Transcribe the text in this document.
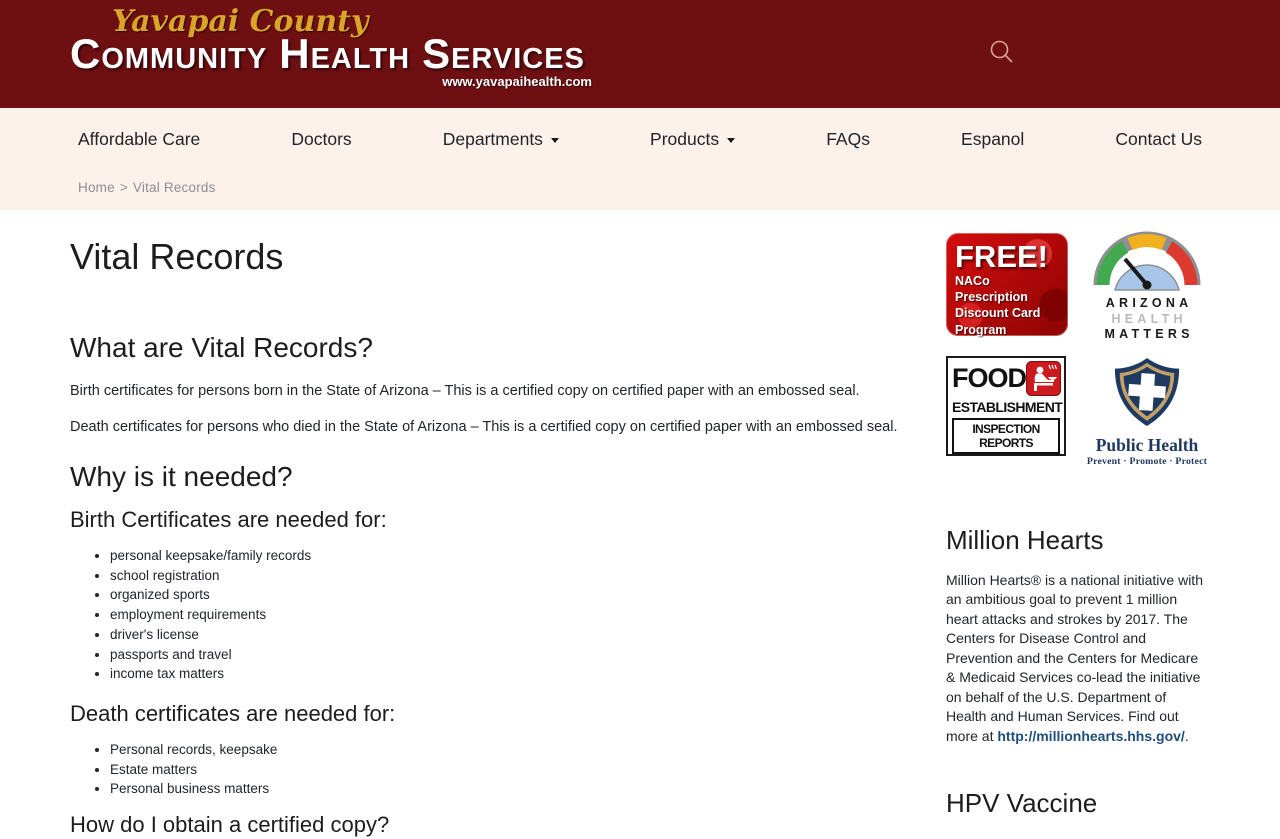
Yavapai County
COMMUNITY HEALTH SERVICES
www.yavapaihealth.com
Affordable Care	Doctors	Departments	Products	FAQs	Espanol	Contact Us
Home > Vital Records
Vital Records
What are Vital Records?

Birth certificates for persons born in the State of Arizona – This is a certified copy on certified paper with an embossed seal.

Death certificates for persons who died in the State of Arizona – This is a certified copy on certified paper with an embossed seal.

Why is it needed?
Birth Certificates are needed for:
• personal keepsake/family records
• school registration
• organized sports
• employment requirements
• driver's license
• passports and travel
• income tax matters
Death certificates are needed for:
• Personal records, keepsake
• Estate matters
• Personal business matters
How do I obtain a certified copy?
FREE!
NACo Prescription
Discount Card
Program
ARIZONA
HEALTH
MATTERS
FOOD
ESTABLISHMENT
INSPECTION REPORTS	Public Health
Prevent · Promote · Protect
Million Hearts

Million Hearts® is a national initiative with an ambitious goal to prevent 1 million heart attacks and strokes by 2017. The Centers for Disease Control and Prevention and the Centers for Medicare & Medicaid Services co-lead the initiative on behalf of the U.S. Department of Health and Human Services. Find out more at http://millionhearts.hhs.gov/.

HPV Vaccine
